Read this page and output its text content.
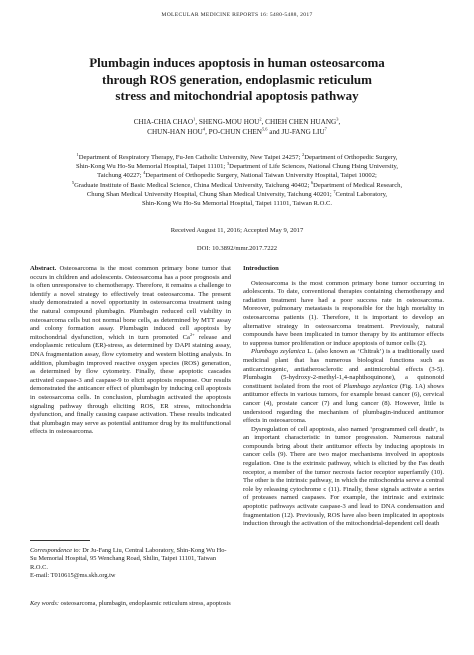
MOLECULAR MEDICINE REPORTS 16: 5480-5488, 2017
Plumbagin induces apoptosis in human osteosarcoma
through ROS generation, endoplasmic reticulum
stress and mitochondrial apoptosis pathway
CHIA-CHIA CHAO$^1$, SHENG-MOU HOU$^2$, CHIEH CHEN HUANG$^3$,
CHUN-HAN HOU$^4$, PO-CHUN CHEN$^{5,6}$ and JU-FANG LIU$^7$
$^1$Department of Respiratory Therapy, Fu-Jen Catholic University, New Taipei 24257; $^2$Department of Orthopedic Surgery,
Shin-Kong Wu Ho-Su Memorial Hospital, Taipei 11101; $^3$Department of Life Sciences, National Chung Hsing University,
Taichung 40227; $^4$Department of Orthopedic Surgery, National Taiwan University Hospital, Taipei 10002;
$^5$Graduate Institute of Basic Medical Science, China Medical University, Taichung 40402; $^6$Department of Medical Research,
Chung Shan Medical University Hospital, Chung Shan Medical University, Taichung 40201; $^7$Central Laboratory,
Shin-Kong Wu Ho-Su Memorial Hospital, Taipei 11101, Taiwan R.O.C.
Received August 11, 2016; Accepted May 9, 2017
DOI: 10.3892/mmr.2017.7222

Abstract. Osteosarcoma is the most common primary bone tumor that occurs in children and adolescents. Osteosarcoma has a poor prognosis and is often unresponsive to chemotherapy. Therefore, it remains a challenge to identify a novel strategy to effectively treat osteosarcoma. The present study demonstrated a novel opportunity in osteosarcoma treatment using the natural compound plumbagin. Plumbagin reduced cell viability in osteosarcoma cells but not normal bone cells, as determined by MTT assay and colony formation assay. Plumbagin induced cell apoptosis by mitochondrial dysfunction, which in turn promoted $Ca^{2+}$ release and endoplasmic reticulum (ER)-stress, as determined by DAPI staining assay, DNA fragmentation assay, flow cytometry and western blotting analysis. In addition, plumbagin improved reactive oxygen species (ROS) generation, as determined by flow cytometry. Finally, these apoptotic cascades activated caspase-3 and caspase-9 to elicit apoptosis response. Our results demonstrated the anticancer effect of plumbagin by inducing cell apoptosis in osteosarcoma cells. In conclusion, plumbagin activated the apoptosis signaling pathway through eliciting ROS, ER stress, mitochondria dysfunction, and finally causing caspase activation. These results indicated that plumbagin may serve as potential antitumor drug by its multifunctional effects in osteosarcoma.

Correspondence to: Dr Ju-Fang Liu, Central Laboratory, Shin-Kong Wu Ho-Su Memorial Hospital, 95 Wenchang Road, Shilin, Taipei 11101, Taiwan R.O.C.
E-mail: T010615@ms.skh.org.tw
Key words: osteosarcoma, plumbagin, endoplasmic reticulum stress, apoptosis

Introduction

Osteosarcoma is the most common primary bone tumor occurring in adolescents. To date, conventional therapies containing chemotherapy and radiation treatment have had a poor success rate in osteosarcoma. Moreover, pulmonary metastasis is responsible for the high mortality in osteosarcoma patients (1). Therefore, it is important to develop an alternative strategy in osteosarcoma treatment. Previously, natural compounds have been implicated in tumor therapy by its antitumor effects to suppress tumor proliferation or induce apoptosis of tumor cells (2).

Plumbago zeylanica L. (also known as ‘Chitrak’) is a traditionally used medicinal plant that has numerous biological functions such as anticarcinogenic, antiatherosclerotic and antimicrobial effects (3-5). Plumbagin (5-hydroxy-2-methyl-1,4-naphthoquinone), a quinonoid constituent isolated from the root of Plumbago zeylanica (Fig. 1A) shows antitumor effects in various tumors, for example breast cancer (6), cervical cancer (4), prostate cancer (7) and lung cancer (8). However, little is understood regarding the mechanism of plumbagin-induced antitumor effects in osteosarcoma.

Dysregulation of cell apoptosis, also named ‘programmed cell death’, is an important characteristic in tumor progression. Numerous natural compounds bring about their antitumor effects by inducing apoptosis in cancer cells (9). There are two major mechanisms involved in apoptosis regulation. One is the extrinsic pathway, which is elicited by the Fas death receptor, a member of the tumor necrosis factor receptor superfamily (10). The other is the intrinsic pathway, in which the mitochondria serve a central role by releasing cytochrome c (11). Finally, these signals activate a series of proteases named caspases. For example, the intrinsic and extrinsic apoptotic pathways activate caspase-3 and lead to DNA condensation and fragmentation (12). Previously, ROS have also been implicated in apoptosis induction through the activation of the mitochondrial-dependent cell death
